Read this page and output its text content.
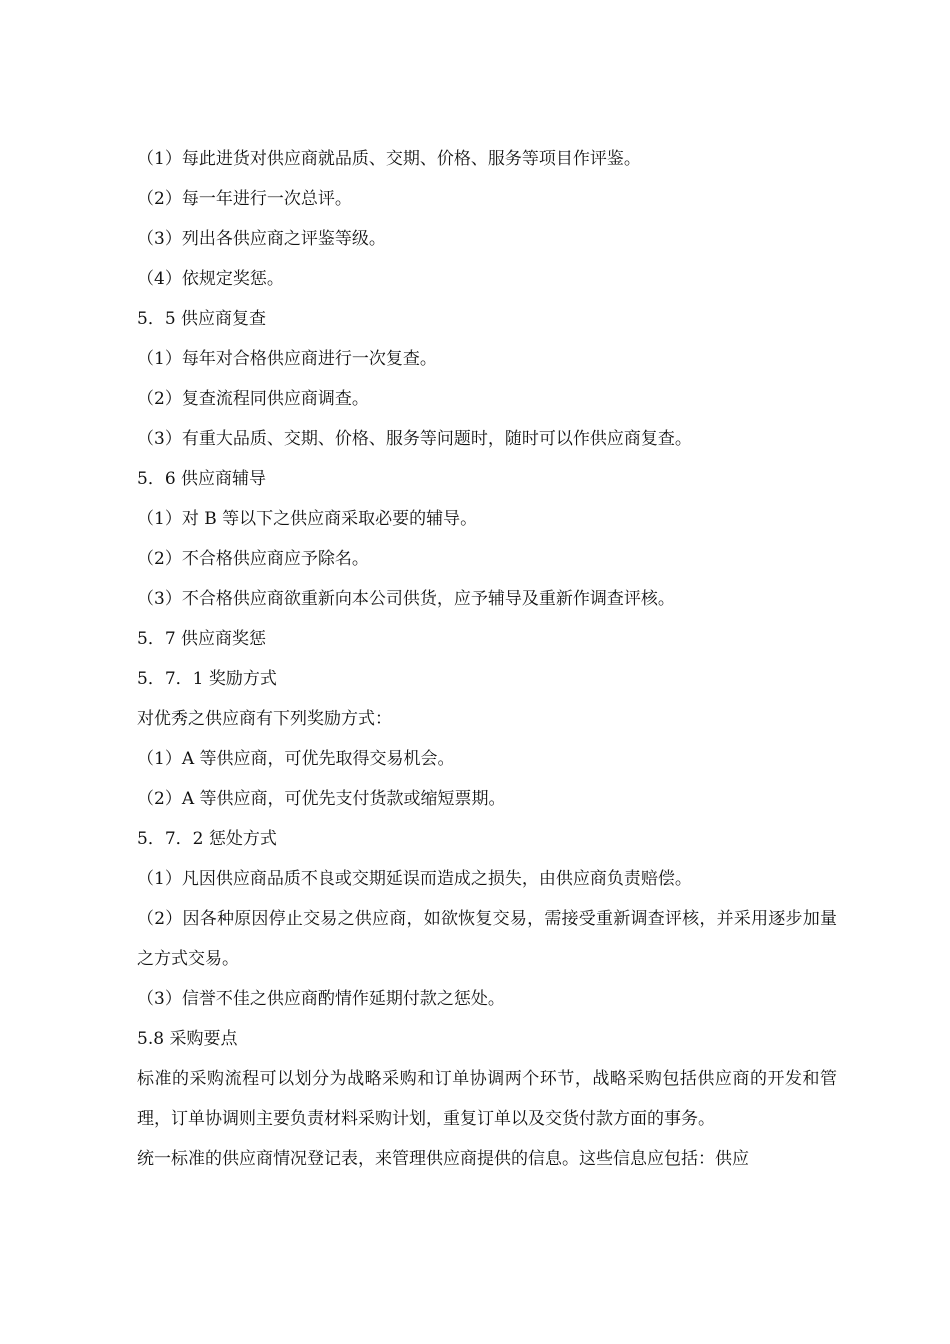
（1）每此进货对供应商就品质、交期、价格、服务等项目作评鉴。
（2）每一年进行一次总评。
（3）列出各供应商之评鉴等级。
（4）依规定奖惩。
5．5 供应商复查
（1）每年对合格供应商进行一次复查。
（2）复查流程同供应商调查。
（3）有重大品质、交期、价格、服务等问题时，随时可以作供应商复查。
5．6 供应商辅导
（1）对 B 等以下之供应商采取必要的辅导。
（2）不合格供应商应予除名。
（3）不合格供应商欲重新向本公司供货，应予辅导及重新作调查评核。
5．7 供应商奖惩
5．7．1 奖励方式
对优秀之供应商有下列奖励方式：
（1）A 等供应商，可优先取得交易机会。
（2）A 等供应商，可优先支付货款或缩短票期。
5．7．2 惩处方式
（1）凡因供应商品质不良或交期延误而造成之损失，由供应商负责赔偿。
（2）因各种原因停止交易之供应商，如欲恢复交易，需接受重新调查评核，并采用逐步加量之方式交易。
（3）信誉不佳之供应商酌情作延期付款之惩处。
5.8 采购要点
标准的采购流程可以划分为战略采购和订单协调两个环节，战略采购包括供应商的开发和管理，订单协调则主要负责材料采购计划，重复订单以及交货付款方面的事务。
统一标准的供应商情况登记表，来管理供应商提供的信息。这些信息应包括：供应
